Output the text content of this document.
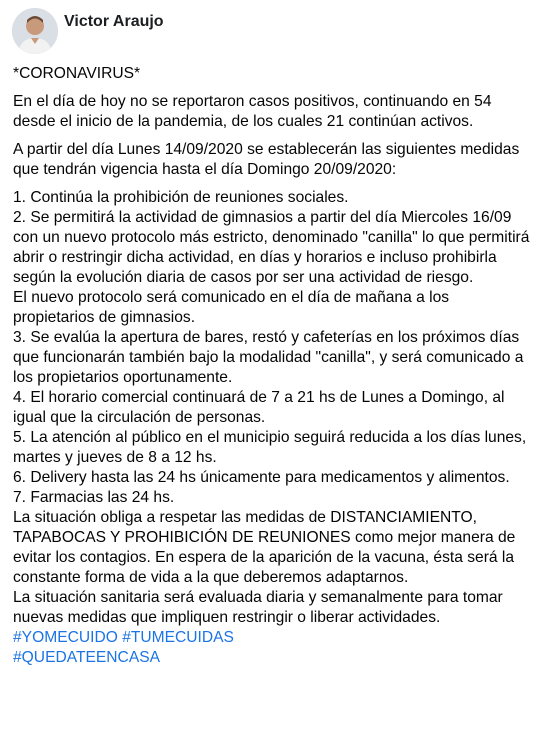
Victor Araujo

*CORONAVIRUS*

En el día de hoy no se reportaron casos positivos, continuando en 54 desde el inicio de la pandemia, de los cuales 21 continúan activos.

A partir del día Lunes 14/09/2020 se establecerán las siguientes medidas que tendrán vigencia hasta el día Domingo 20/09/2020:

1. Continúa la prohibición de reuniones sociales.

2. Se permitirá la actividad de gimnasios a partir del día Miercoles 16/09 con un nuevo protocolo más estricto, denominado "canilla" lo que permitirá abrir o restringir dicha actividad, en días y horarios e incluso prohibirla según la evolución diaria de casos por ser una actividad de riesgo.

El nuevo protocolo será comunicado en el día de mañana a los propietarios de gimnasios.

3. Se evalúa la apertura de bares, restó y cafeterías en los próximos días que funcionarán también bajo la modalidad "canilla", y será comunicado a los propietarios oportunamente.

4. El horario comercial continuará de 7 a 21 hs de Lunes a Domingo, al igual que la circulación de personas.

5. La atención al público en el municipio seguirá reducida a los días lunes, martes y jueves de 8 a 12 hs.

6. Delivery hasta las 24 hs únicamente para medicamentos y alimentos.

7. Farmacias las 24 hs.

La situación obliga a respetar las medidas de DISTANCIAMIENTO, TAPABOCAS Y PROHIBICIÓN DE REUNIONES como mejor manera de evitar los contagios. En espera de la aparición de la vacuna, ésta será la constante forma de vida a la que deberemos adaptarnos.

La situación sanitaria será evaluada diaria y semanalmente para tomar nuevas medidas que impliquen restringir o liberar actividades.

#YOMECUIDO #TUMECUIDAS

#QUEDATEENCASA
